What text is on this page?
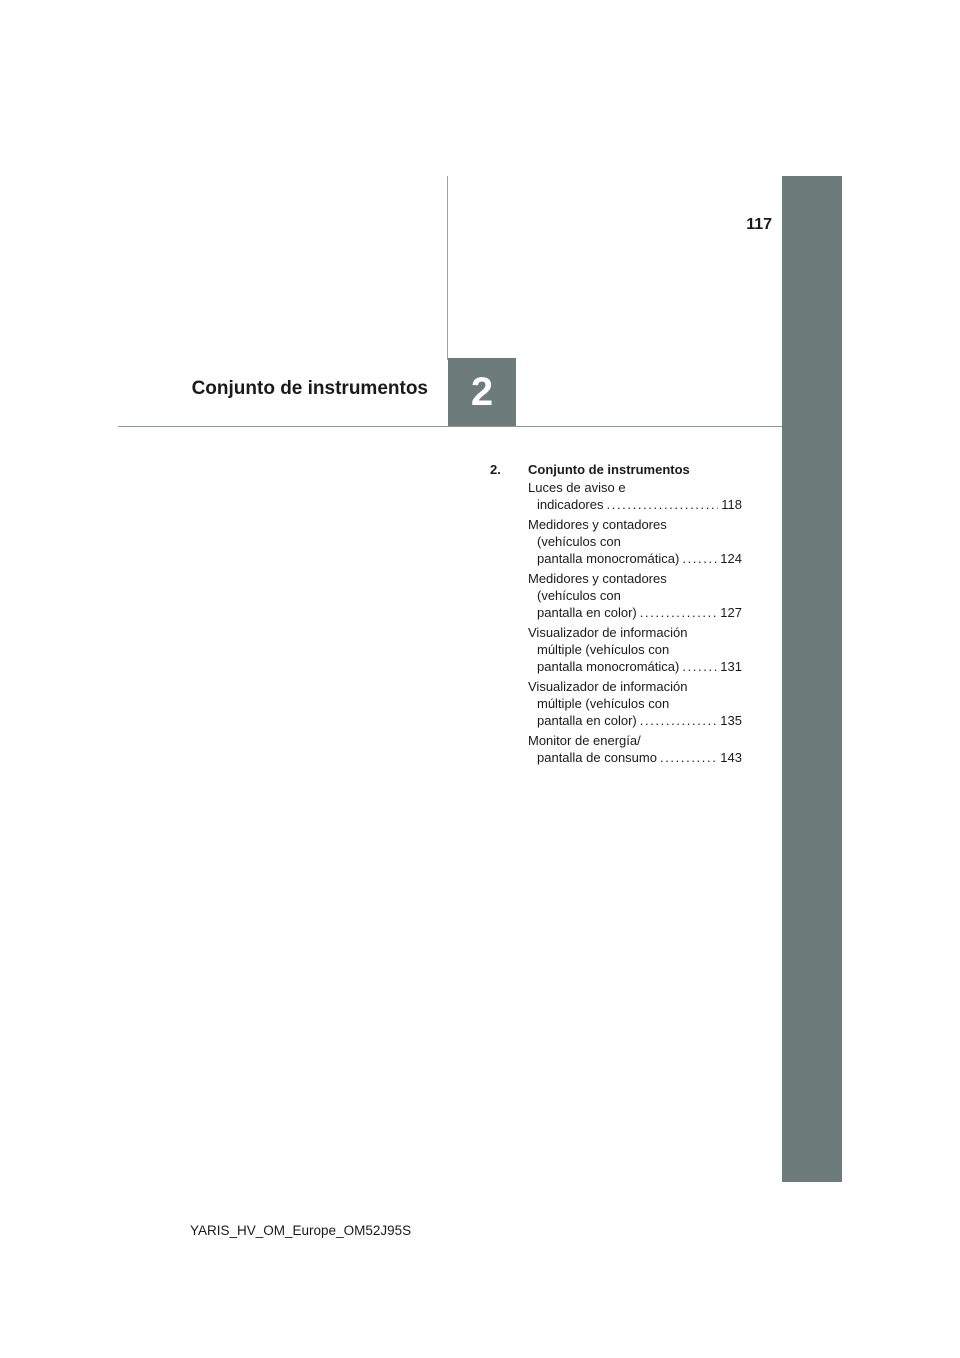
117
Conjunto de instrumentos 2
2.	Conjunto de instrumentos
Luces de aviso e
indicadores . . .	118
Medidores y contadores
(vehículos con
pantalla monocromática) . . .	124
Medidores y contadores
(vehículos con
pantalla en color) . . .	127
Visualizador de información
múltiple (vehículos con
pantalla monocromática) . . .	131
Visualizador de información
múltiple (vehículos con
pantalla en color) . . .	135
Monitor de energía/
pantalla de consumo . . .	143
YARIS_HV_OM_Europe_OM52J95S
